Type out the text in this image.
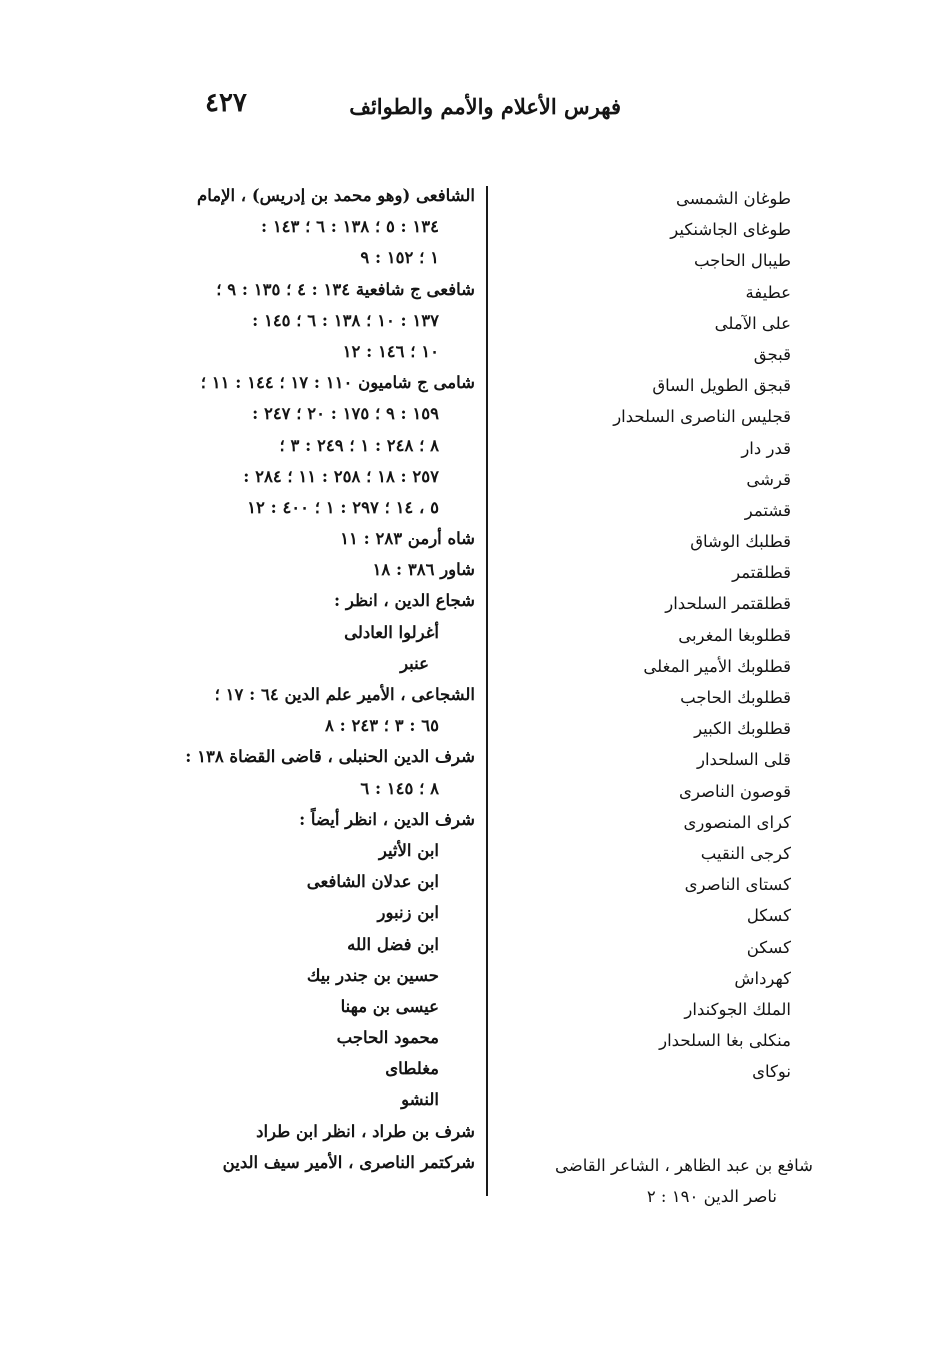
٤٢٧	فهرس الأعلام والأمم والطوائف
طوغان الشمسى
طوغاى الجاشنكير
طيبال الحاجب
عطيفة
على الآملى
قبجق
قبجق الطويل الساق
قجليس الناصرى السلحدار
قدر دار
قرشى
قشتمر
قطلبك الوشاق
قطلقتمر
قطلقتمر السلحدار
قطلوبغا المغربى
قطلوبك الأمير المغلى
قطلوبك الحاجب
قطلوبك الكبير
قلى السلحدار
قوصون الناصرى
كراى المنصورى
كرجى النقيب
كستاى الناصرى
كسكل
كسكن
كهرداش
الملك الجوكندار
منكلى بغا السلحدار
نوكاى
الشافعى (وهو محمد بن إدريس) ، الإمام
١٣٤ : ٥ ؛ ١٣٨ : ٦ ؛ ١٤٣ :
١ ؛ ١٥٢ : ٩
شافعى ج شافعية ١٣٤ : ٤ ؛ ١٣٥ : ٩ ؛
١٣٧ : ١٠ ؛ ١٣٨ : ٦ ؛ ١٤٥ :
١٠ ؛ ١٤٦ : ١٢
شامى ج شاميون ١١٠ : ١٧ ؛ ١٤٤ : ١١ ؛
١٥٩ : ٩ ؛ ١٧٥ : ٢٠ ؛ ٢٤٧ :
٨ ؛ ٢٤٨ : ١ ؛ ٢٤٩ : ٣ ؛
٢٥٧ : ١٨ ؛ ٢٥٨ : ١١ ؛ ٢٨٤ :
٥ ، ١٤ ؛ ٢٩٧ : ١ ؛ ٤٠٠ : ١٢
شاه أرمن ٢٨٣ : ١١
شاور ٣٨٦ : ١٨
شجاع الدين ، انظر :
أغرلوا العادلى
عنبر
الشجاعى ، الأمير علم الدين ٦٤ : ١٧ ؛
٦٥ : ٣ ؛ ٢٤٣ : ٨
شرف الدين الحنبلى ، قاضى القضاة ١٣٨ :
٨ ؛ ١٤٥ : ٦
شرف الدين ، انظر أيضاً :
ابن الأثير
ابن عدلان الشافعى
ابن زنبور
ابن فضل الله
حسين بن جندر بيك
عيسى بن مهنا
محمود الحاجب
مغلطاى
النشو
شرف بن طراد ، انظر ابن طراد
شركتمر الناصرى ، الأمير سيف الدين	شافع بن عبد الظاهر ، الشاعر القاضى
ناصر الدين ١٩٠ : ٢
